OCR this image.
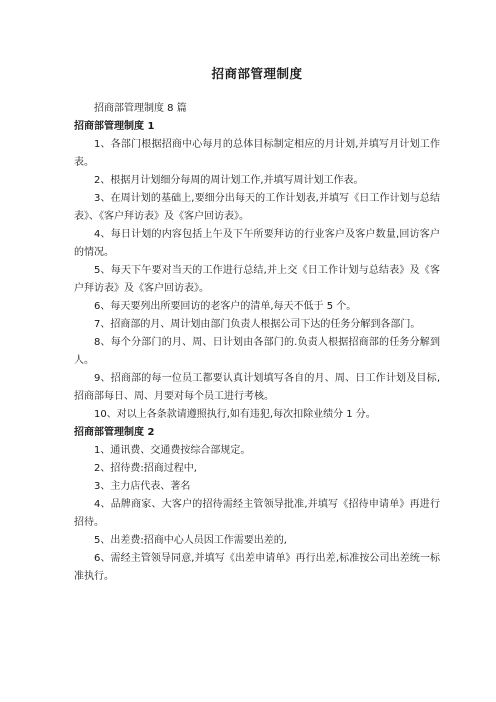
招商部管理制度

招商部管理制度 8 篇

招商部管理制度 1

1、各部门根据招商中心每月的总体目标制定相应的月计划,并填写月计划工作表。

2、根据月计划细分每周的周计划工作,并填写周计划工作表。

3、在周计划的基础上,要细分出每天的工作计划表,并填写《日工作计划与总结表》、《客户拜访表》及《客户回访表》。

4、每日计划的内容包括上午及下午所要拜访的行业客户及客户数量,回访客户的情况。

5、每天下午要对当天的工作进行总结,并上交《日工作计划与总结表》及《客户拜访表》及《客户回访表》。

6、每天要列出所要回访的老客户的清单,每天不低于 5 个。

7、招商部的月、周计划由部门负责人根据公司下达的任务分解到各部门。

8、每个分部门的月、周、日计划由各部门的.负责人根据招商部的任务分解到人。

9、招商部的每一位员工都要认真计划填写各自的月、周、日工作计划及目标,招商部每日、周、月要对每个员工进行考核。

10、对以上各条款请遵照执行,如有违犯,每次扣除业绩分 1 分。

招商部管理制度 2

1、通讯费、交通费按综合部规定。

2、招待费:招商过程中,

3、主力店代表、著名

4、品牌商家、大客户的招待需经主管领导批准,并填写《招待申请单》再进行招待。

5、出差费:招商中心人员因工作需要出差的,

6、需经主管领导同意,并填写《出差申请单》再行出差,标准按公司出差统一标准执行。
